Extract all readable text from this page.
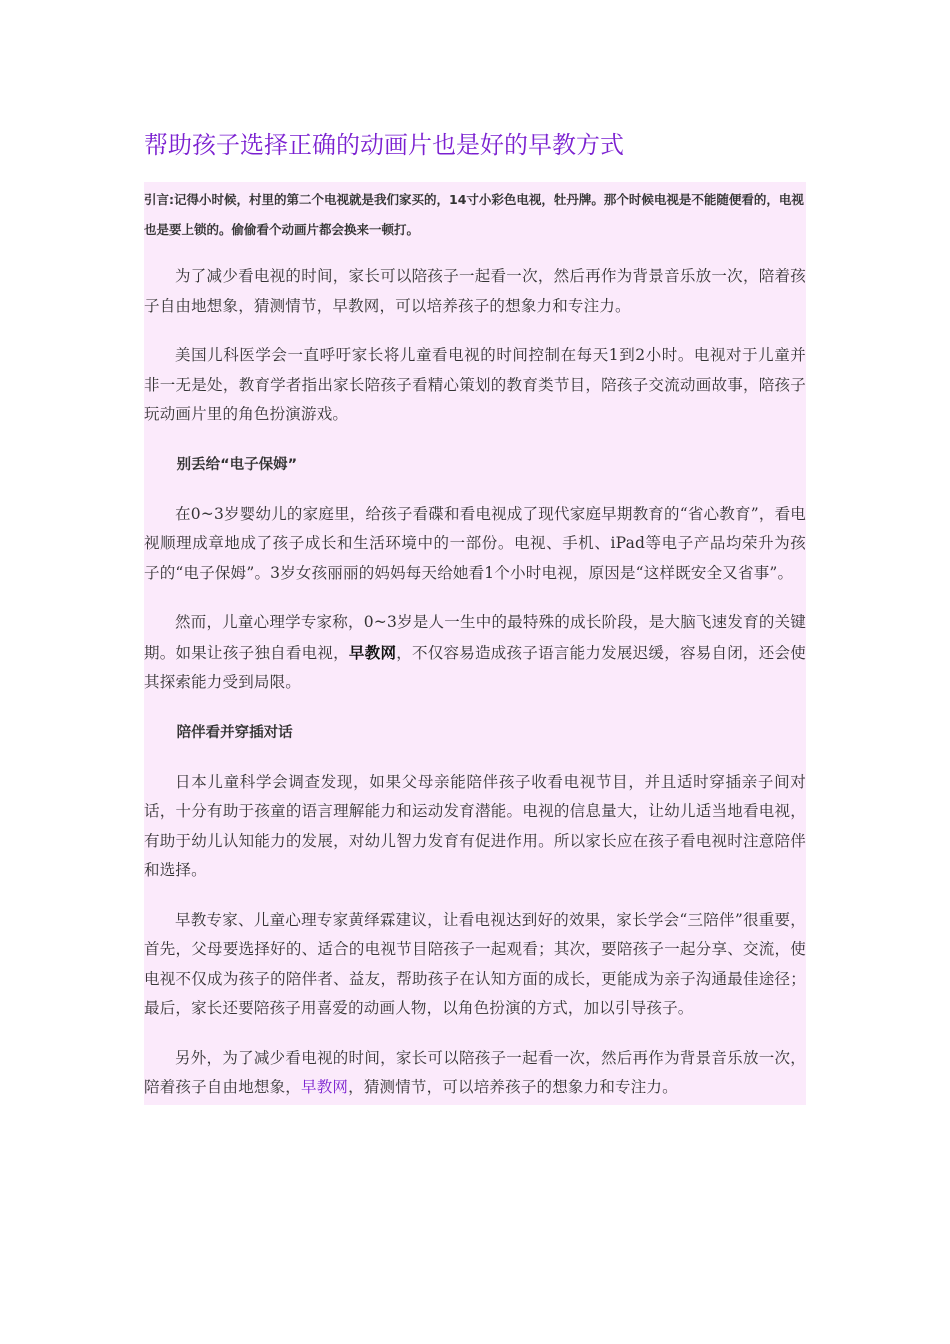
帮助孩子选择正确的动画片也是好的早教方式

引言:记得小时候，村里的第二个电视就是我们家买的，14寸小彩色电视，牡丹牌。那个时候电视是不能随便看的，电视也是要上锁的。偷偷看个动画片都会换来一顿打。

为了减少看电视的时间，家长可以陪孩子一起看一次，然后再作为背景音乐放一次，陪着孩子自由地想象，猜测情节，早教网，可以培养孩子的想象力和专注力。

美国儿科医学会一直呼吁家长将儿童看电视的时间控制在每天1到2小时。电视对于儿童并非一无是处，教育学者指出家长陪孩子看精心策划的教育类节目，陪孩子交流动画故事，陪孩子玩动画片里的角色扮演游戏。

别丢给“电子保姆”

在0~3岁婴幼儿的家庭里，给孩子看碟和看电视成了现代家庭早期教育的“省心教育”，看电视顺理成章地成了孩子成长和生活环境中的一部份。电视、手机、iPad等电子产品均荣升为孩子的“电子保姆”。3岁女孩丽丽的妈妈每天给她看1个小时电视，原因是“这样既安全又省事”。

然而，儿童心理学专家称，0~3岁是人一生中的最特殊的成长阶段，是大脑飞速发育的关键期。如果让孩子独自看电视，早教网，不仅容易造成孩子语言能力发展迟缓，容易自闭，还会使其探索能力受到局限。

陪伴看并穿插对话

日本儿童科学会调查发现，如果父母亲能陪伴孩子收看电视节目，并且适时穿插亲子间对话，十分有助于孩童的语言理解能力和运动发育潜能。电视的信息量大，让幼儿适当地看电视，有助于幼儿认知能力的发展，对幼儿智力发育有促进作用。所以家长应在孩子看电视时注意陪伴和选择。

早教专家、儿童心理专家黄绎霖建议，让看电视达到好的效果，家长学会“三陪伴”很重要，首先，父母要选择好的、适合的电视节目陪孩子一起观看；其次，要陪孩子一起分享、交流，使电视不仅成为孩子的陪伴者、益友，帮助孩子在认知方面的成长，更能成为亲子沟通最佳途径；最后，家长还要陪孩子用喜爱的动画人物，以角色扮演的方式，加以引导孩子。

另外，为了减少看电视的时间，家长可以陪孩子一起看一次，然后再作为背景音乐放一次，陪着孩子自由地想象，早教网，猜测情节，可以培养孩子的想象力和专注力。
